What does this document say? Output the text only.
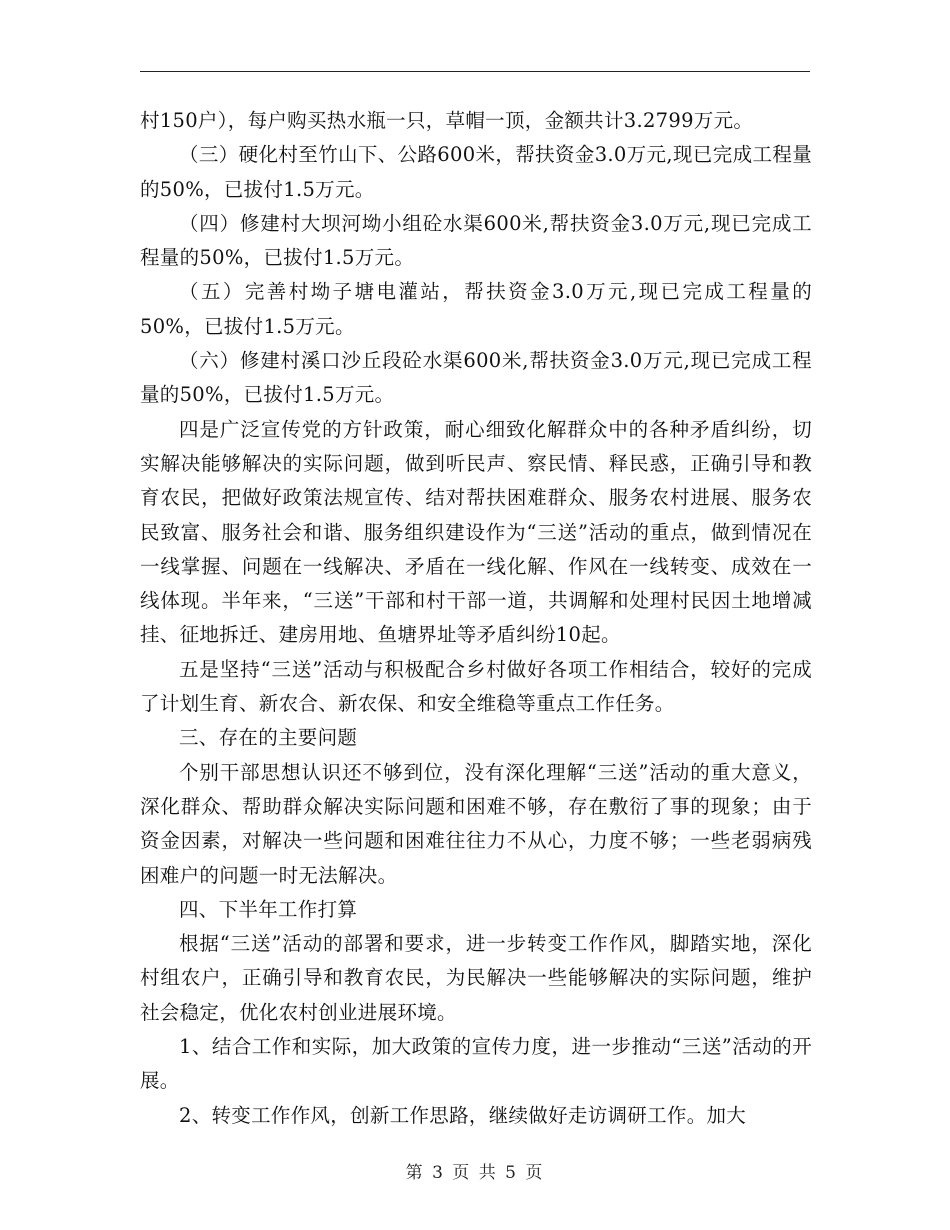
村150户），每户购买热水瓶一只，草帽一顶，金额共计3.2799万元。

（三）硬化村至竹山下、公路600米，帮扶资金3.0万元,现已完成工程量的50%，已拔付1.5万元。

（四）修建村大坝河坳小组砼水渠600米,帮扶资金3.0万元,现已完成工程量的50%，已拔付1.5万元。

（五）完善村坳子塘电灌站，帮扶资金3.0万元,现已完成工程量的50%，已拔付1.5万元。

（六）修建村溪口沙丘段砼水渠600米,帮扶资金3.0万元,现已完成工程量的50%，已拔付1.5万元。

四是广泛宣传党的方针政策，耐心细致化解群众中的各种矛盾纠纷，切实解决能够解决的实际问题，做到听民声、察民情、释民惑，正确引导和教育农民，把做好政策法规宣传、结对帮扶困难群众、服务农村进展、服务农民致富、服务社会和谐、服务组织建设作为“三送”活动的重点，做到情况在一线掌握、问题在一线解决、矛盾在一线化解、作风在一线转变、成效在一线体现。半年来，“三送”干部和村干部一道，共调解和处理村民因土地增减挂、征地拆迁、建房用地、鱼塘界址等矛盾纠纷10起。

五是坚持“三送”活动与积极配合乡村做好各项工作相结合，较好的完成了计划生育、新农合、新农保、和安全维稳等重点工作任务。

三、存在的主要问题

个别干部思想认识还不够到位，没有深化理解“三送”活动的重大意义，深化群众、帮助群众解决实际问题和困难不够，存在敷衍了事的现象；由于资金因素，对解决一些问题和困难往往力不从心，力度不够；一些老弱病残困难户的问题一时无法解决。

四、下半年工作打算

根据“三送”活动的部署和要求，进一步转变工作作风，脚踏实地，深化村组农户，正确引导和教育农民，为民解决一些能够解决的实际问题，维护社会稳定，优化农村创业进展环境。

1、结合工作和实际，加大政策的宣传力度，进一步推动“三送”活动的开展。

2、转变工作作风，创新工作思路，继续做好走访调研工作。加大

第 3 页 共 5 页
